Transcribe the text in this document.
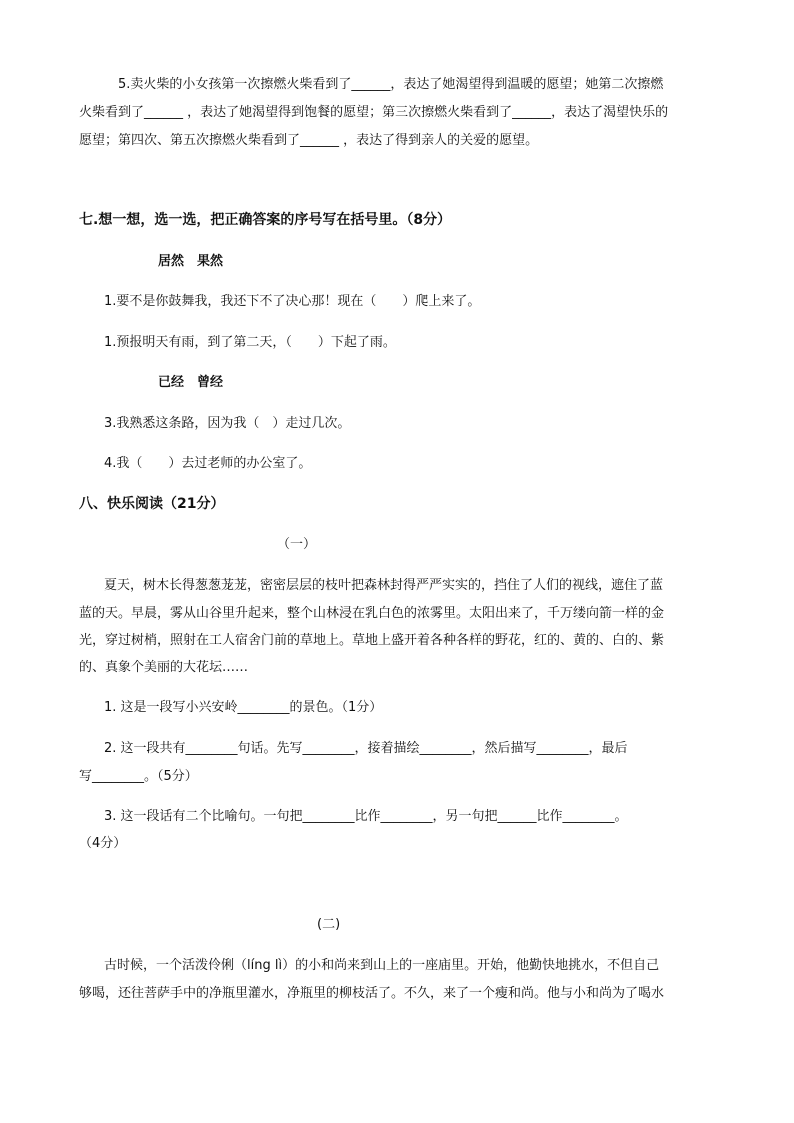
5.卖火柴的小女孩第一次擦燃火柴看到了______，表达了她渴望得到温暖的愿望；她第二次擦燃
火柴看到了______ ，表达了她渴望得到饱餐的愿望；第三次擦燃火柴看到了______，表达了渴望快乐的
愿望；第四次、第五次擦燃火柴看到了______ ，表达了得到亲人的关爱的愿望。
七.想一想，选一选，把正确答案的序号写在括号里。（8分）
居然　果然
1.要不是你鼓舞我，我还下不了决心那！现在（　　）爬上来了。
1.预报明天有雨，到了第二天，（　　）下起了雨。
已经　曾经
3.我熟悉这条路，因为我（　）走过几次。
4.我（　　）去过老师的办公室了。
八、快乐阅读（21分）
（一）
夏天，树木长得葱葱茏茏，密密层层的枝叶把森林封得严严实实的，挡住了人们的视线，遮住了蓝
蓝的天。早晨，雾从山谷里升起来，整个山林浸在乳白色的浓雾里。太阳出来了，千万缕向箭一样的金
光，穿过树梢，照射在工人宿舍门前的草地上。草地上盛开着各种各样的野花，红的、黄的、白的、紫
的、真象个美丽的大花坛……
1. 这是一段写小兴安岭________的景色。（1分）
2. 这一段共有________句话。先写________，接着描绘________，然后描写________，最后
写________。（5分）
3. 这一段话有二个比喻句。一句把________比作________，另一句把______比作________。
（4分）
(二)
古时候，一个活泼伶俐（líng lì）的小和尚来到山上的一座庙里。开始，他勤快地挑水，不但自己
够喝，还往菩萨手中的净瓶里灌水，净瓶里的柳枝活了。不久，来了一个瘦和尚。他与小和尚为了喝水
